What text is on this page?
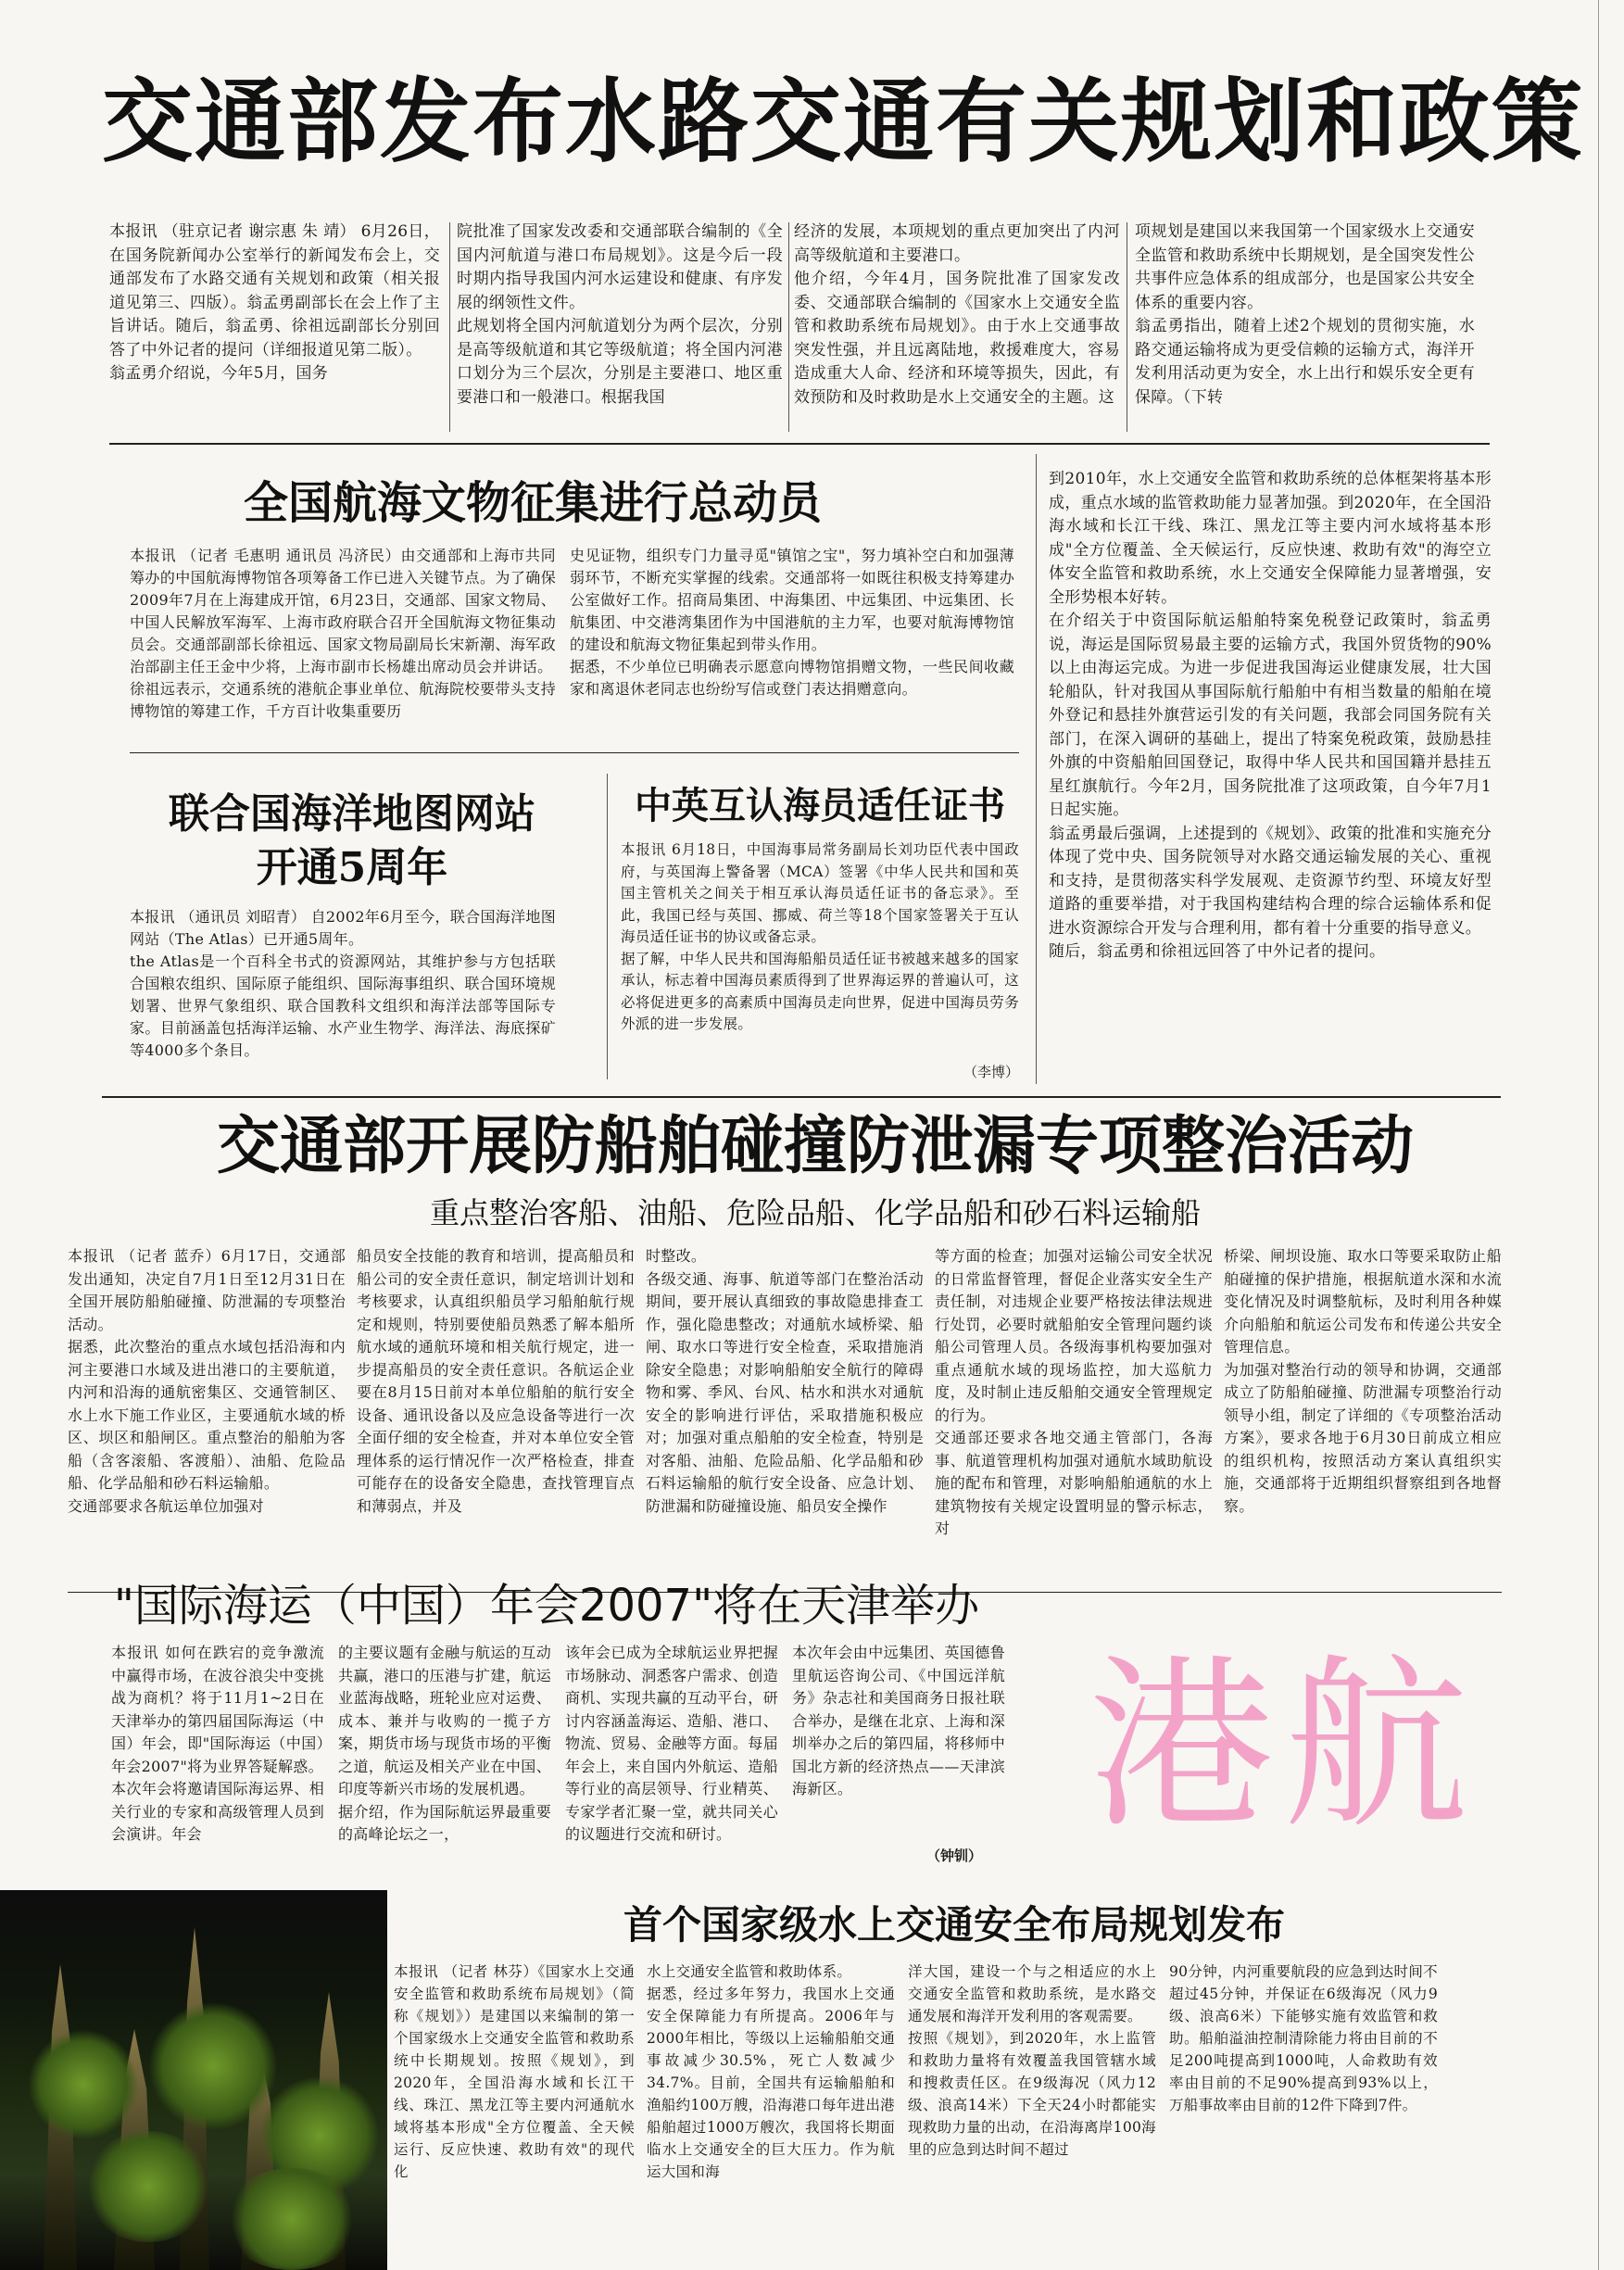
交通部发布水路交通有关规划和政策
本报讯 （驻京记者 谢宗惠 朱 靖） 6月26日，在国务院新闻办公室举行的新闻发布会上，交通部发布了水路交通有关规划和政策（相关报道见第三、四版）。翁孟勇副部长在会上作了主旨讲话。随后，翁孟勇、徐祖远副部长分别回答了中外记者的提问（详细报道见第二版）。
翁孟勇介绍说，今年5月，国务
院批准了国家发改委和交通部联合编制的《全国内河航道与港口布局规划》。这是今后一段时期内指导我国内河水运建设和健康、有序发展的纲领性文件。
此规划将全国内河航道划分为两个层次，分别是高等级航道和其它等级航道；将全国内河港口划分为三个层次，分别是主要港口、地区重要港口和一般港口。根据我国
经济的发展，本项规划的重点更加突出了内河高等级航道和主要港口。
他介绍，今年4月，国务院批准了国家发改委、交通部联合编制的《国家水上交通安全监管和救助系统布局规划》。由于水上交通事故突发性强，并且远离陆地，救援难度大，容易造成重大人命、经济和环境等损失，因此，有效预防和及时救助是水上交通安全的主题。这
项规划是建国以来我国第一个国家级水上交通安全监管和救助系统中长期规划，是全国突发性公共事件应急体系的组成部分，也是国家公共安全体系的重要内容。
翁孟勇指出，随着上述2个规划的贯彻实施，水路交通运输将成为更受信赖的运输方式，海洋开发利用活动更为安全，水上出行和娱乐安全更有保障。（下转
到2010年，水上交通安全监管和救助系统的总体框架将基本形成，重点水域的监管救助能力显著加强。到2020年，在全国沿海水域和长江干线、珠江、黑龙江等主要内河水域将基本形成"全方位覆盖、全天候运行，反应快速、救助有效"的海空立体安全监管和救助系统，水上交通安全保障能力显著增强，安全形势根本好转。
在介绍关于中资国际航运船舶特案免税登记政策时，翁孟勇说，海运是国际贸易最主要的运输方式，我国外贸货物的90%以上由海运完成。为进一步促进我国海运业健康发展，壮大国轮船队，针对我国从事国际航行船舶中有相当数量的船舶在境外登记和悬挂外旗营运引发的有关问题，我部会同国务院有关部门，在深入调研的基础上，提出了特案免税政策，鼓励悬挂外旗的中资船舶回国登记，取得中华人民共和国国籍并悬挂五星红旗航行。今年2月，国务院批准了这项政策，自今年7月1日起实施。
翁孟勇最后强调，上述提到的《规划》、政策的批准和实施充分体现了党中央、国务院领导对水路交通运输发展的关心、重视和支持，是贯彻落实科学发展观、走资源节约型、环境友好型道路的重要举措，对于我国构建结构合理的综合运输体系和促进水资源综合开发与合理利用，都有着十分重要的指导意义。
随后，翁孟勇和徐祖远回答了中外记者的提问。
全国航海文物征集进行总动员
本报讯 （记者 毛惠明 通讯员 冯济民）由交通部和上海市共同筹办的中国航海博物馆各项筹备工作已进入关键节点。为了确保2009年7月在上海建成开馆，6月23日，交通部、国家文物局、中国人民解放军海军、上海市政府联合召开全国航海文物征集动员会。交通部副部长徐祖远、国家文物局副局长宋新潮、海军政治部副主任王金中少将，上海市副市长杨雄出席动员会并讲话。
徐祖远表示，交通系统的港航企事业单位、航海院校要带头支持博物馆的筹建工作，千方百计收集重要历
史见证物，组织专门力量寻觅"镇馆之宝"，努力填补空白和加强薄弱环节，不断充实掌握的线索。交通部将一如既往积极支持筹建办公室做好工作。招商局集团、中海集团、中远集团、中远集团、长航集团、中交港湾集团作为中国港航的主力军，也要对航海博物馆的建设和航海文物征集起到带头作用。
据悉，不少单位已明确表示愿意向博物馆捐赠文物，一些民间收藏家和离退休老同志也纷纷写信或登门表达捐赠意向。
联合国海洋地图网站
开通5周年
本报讯 （通讯员 刘昭青） 自2002年6月至今，联合国海洋地图网站（The Atlas）已开通5周年。
the Atlas是一个百科全书式的资源网站，其维护参与方包括联合国粮农组织、国际原子能组织、国际海事组织、联合国环境规划署、世界气象组织、联合国教科文组织和海洋法部等国际专家。目前涵盖包括海洋运输、水产业生物学、海洋法、海底探矿等4000多个条目。
中英互认海员适任证书
本报讯 6月18日，中国海事局常务副局长刘功臣代表中国政府，与英国海上警备署（MCA）签署《中华人民共和国和英国主管机关之间关于相互承认海员适任证书的备忘录》。至此，我国已经与英国、挪威、荷兰等18个国家签署关于互认海员适任证书的协议或备忘录。
据了解，中华人民共和国海船船员适任证书被越来越多的国家承认，标志着中国海员素质得到了世界海运界的普遍认可，这必将促进更多的高素质中国海员走向世界，促进中国海员劳务外派的进一步发展。
（李博）
交通部开展防船舶碰撞防泄漏专项整治活动
重点整治客船、油船、危险品船、化学品船和砂石料运输船
本报讯 （记者 蓝乔）6月17日，交通部发出通知，决定自7月1日至12月31日在全国开展防船舶碰撞、防泄漏的专项整治活动。
据悉，此次整治的重点水域包括沿海和内河主要港口水域及进出港口的主要航道，内河和沿海的通航密集区、交通管制区、水上水下施工作业区，主要通航水域的桥区、坝区和船闸区。重点整治的船舶为客船（含客滚船、客渡船）、油船、危险品船、化学品船和砂石料运输船。
交通部要求各航运单位加强对
船员安全技能的教育和培训，提高船员和船公司的安全责任意识，制定培训计划和考核要求，认真组织船员学习船舶航行规定和规则，特别要使船员熟悉了解本船所航水域的通航环境和相关航行规定，进一步提高船员的安全责任意识。各航运企业要在8月15日前对本单位船舶的航行安全设备、通讯设备以及应急设备等进行一次全面仔细的安全检查，并对本单位安全管理体系的运行情况作一次严格检查，排查可能存在的设备安全隐患，查找管理盲点和薄弱点，并及
时整改。
各级交通、海事、航道等部门在整治活动期间，要开展认真细致的事故隐患排查工作，强化隐患整改；对通航水域桥梁、船闸、取水口等进行安全检查，采取措施消除安全隐患；对影响船舶安全航行的障碍物和雾、季风、台风、枯水和洪水对通航安全的影响进行评估，采取措施积极应对；加强对重点船舶的安全检查，特别是对客船、油船、危险品船、化学品船和砂石料运输船的航行安全设备、应急计划、防泄漏和防碰撞设施、船员安全操作
等方面的检查；加强对运输公司安全状况的日常监督管理，督促企业落实安全生产责任制，对违规企业要严格按法律法规进行处罚，必要时就船舶安全管理问题约谈船公司管理人员。各级海事机构要加强对重点通航水域的现场监控，加大巡航力度，及时制止违反船舶交通安全管理规定的行为。
交通部还要求各地交通主管部门，各海事、航道管理机构加强对通航水域助航设施的配布和管理，对影响船舶通航的水上建筑物按有关规定设置明显的警示标志，对
桥梁、闸坝设施、取水口等要采取防止船舶碰撞的保护措施，根据航道水深和水流变化情况及时调整航标，及时利用各种媒介向船舶和航运公司发布和传递公共安全管理信息。
为加强对整治行动的领导和协调，交通部成立了防船舶碰撞、防泄漏专项整治行动领导小组，制定了详细的《专项整治活动方案》，要求各地于6月30日前成立相应的组织机构，按照活动方案认真组织实施，交通部将于近期组织督察组到各地督察。
"国际海运（中国）年会2007"将在天津举办
本报讯 如何在跌宕的竞争激流中赢得市场，在波谷浪尖中变挑战为商机？将于11月1~2日在天津举办的第四届国际海运（中国）年会，即"国际海运（中国）年会2007"将为业界答疑解惑。
本次年会将邀请国际海运界、相关行业的专家和高级管理人员到会演讲。年会
的主要议题有金融与航运的互动共赢，港口的压港与扩建，航运业蓝海战略，班轮业应对运费、成本、兼并与收购的一揽子方案，期货市场与现货市场的平衡之道，航运及相关产业在中国、印度等新兴市场的发展机遇。
据介绍，作为国际航运界最重要的高峰论坛之一，
该年会已成为全球航运业界把握市场脉动、洞悉客户需求、创造商机、实现共赢的互动平台，研讨内容涵盖海运、造船、港口、物流、贸易、金融等方面。每届年会上，来自国内外航运、造船等行业的高层领导、行业精英、专家学者汇聚一堂，就共同关心的议题进行交流和研讨。
本次年会由中远集团、英国德鲁里航运咨询公司、《中国远洋航务》杂志社和美国商务日报社联合举办，是继在北京、上海和深圳举办之后的第四届，将移师中国北方新的经济热点——天津滨海新区。
（钟钏）
港航
首个国家级水上交通安全布局规划发布
本报讯 （记者 林芬）《国家水上交通安全监管和救助系统布局规划》（简称《规划》）是建国以来编制的第一个国家级水上交通安全监管和救助系统中长期规划。按照《规划》，到2020年，全国沿海水域和长江干线、珠江、黑龙江等主要内河通航水域将基本形成"全方位覆盖、全天候运行、反应快速、救助有效"的现代化
水上交通安全监管和救助体系。
据悉，经过多年努力，我国水上交通安全保障能力有所提高。2006年与2000年相比，等级以上运输船舶交通事故减少30.5%，死亡人数减少34.7%。目前，全国共有运输船舶和渔船约100万艘，沿海港口每年进出港船舶超过1000万艘次，我国将长期面临水上交通安全的巨大压力。作为航运大国和海
洋大国，建设一个与之相适应的水上交通安全监管和救助系统，是水路交通发展和海洋开发利用的客观需要。
按照《规划》，到2020年，水上监管和救助力量将有效覆盖我国管辖水域和搜救责任区。在9级海况（风力12级、浪高14米）下全天24小时都能实现救助力量的出动，在沿海离岸100海里的应急到达时间不超过
90分钟，内河重要航段的应急到达时间不超过45分钟，并保证在6级海况（风力9级、浪高6米）下能够实施有效监管和救助。船舶溢油控制清除能力将由目前的不足200吨提高到1000吨，人命救助有效率由目前的不足90%提高到93%以上，万船事故率由目前的12件下降到7件。
